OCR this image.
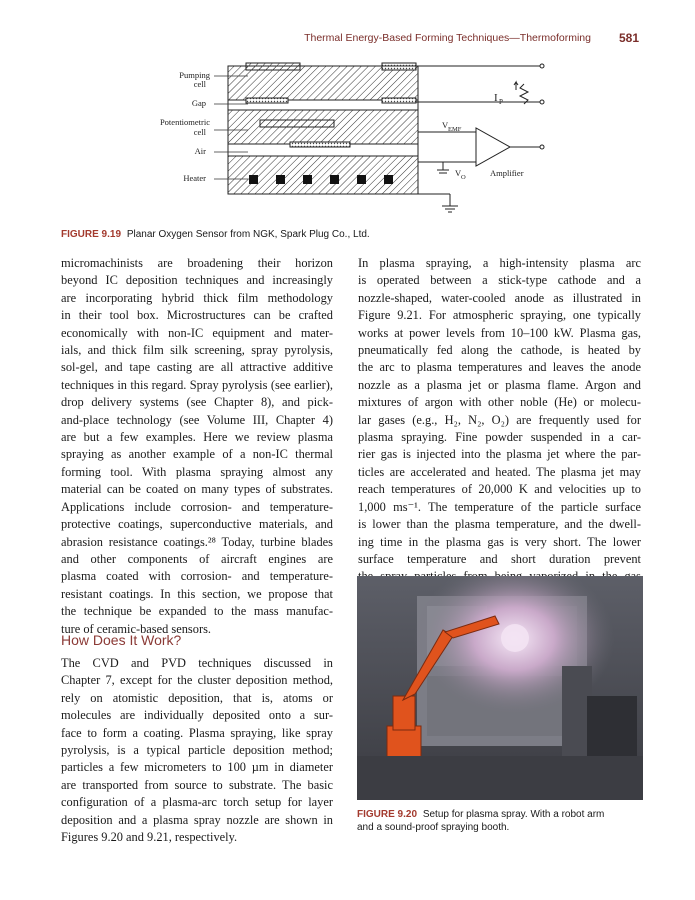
Thermal Energy-Based Forming Techniques—Thermoforming 581
Pumping
cell
Gap
Potentiometric
cell
Air
Heater
I P
V EMF
V O	Amplifier
FIGURE 9.19 Planar Oxygen Sensor from NGK, Spark Plug Co., Ltd.

micromachinists are broadening their horizon

beyond IC deposition techniques and increasingly

are incorporating hybrid thick film methodology

in their tool box. Microstructures can be crafted

economically with non-IC equipment and mater-

ials, and thick film silk screening, spray pyrolysis,

sol-gel, and tape casting are all attractive additive

techniques in this regard. Spray pyrolysis (see earlier),

drop delivery systems (see Chapter 8), and pick-

and-place technology (see Volume III, Chapter 4)

are but a few examples. Here we review plasma

spraying as another example of a non-IC thermal

forming tool. With plasma spraying almost any

material can be coated on many types of substrates.

Applications include corrosion- and temperature-

protective coatings, superconductive materials, and

abrasion resistance coatings.²⁸ Today, turbine blades

and other components of aircraft engines are

plasma coated with corrosion- and temperature-

resistant coatings. In this section, we propose that

the technique be expanded to the mass manufac-

ture of ceramic-based sensors.

How Does It Work?

The CVD and PVD techniques discussed in

Chapter 7, except for the cluster deposition method,

rely on atomistic deposition, that is, atoms or

molecules are individually deposited onto a sur-

face to form a coating. Plasma spraying, like spray

pyrolysis, is a typical particle deposition method;

particles a few micrometers to 100 µm in diameter

are transported from source to substrate. The basic

configuration of a plasma-arc torch setup for layer

deposition and a plasma spray nozzle are shown in

Figures 9.20 and 9.21, respectively.

In plasma spraying, a high-intensity plasma arc

is operated between a stick-type cathode and a

nozzle-shaped, water-cooled anode as illustrated in

Figure 9.21. For atmospheric spraying, one typically

works at power levels from 10–100 kW. Plasma gas,

pneumatically fed along the cathode, is heated by

the arc to plasma temperatures and leaves the anode

nozzle as a plasma jet or plasma flame. Argon and

mixtures of argon with other noble (He) or molecu-

lar gases (e.g., H₂, N₂, O₂) are frequently used for

plasma spraying. Fine powder suspended in a car-

rier gas is injected into the plasma jet where the par-

ticles are accelerated and heated. The plasma jet may

reach temperatures of 20,000 K and velocities up to

1,000 ms⁻¹. The temperature of the particle surface

is lower than the plasma temperature, and the dwell-

ing time in the plasma gas is very short. The lower

surface temperature and short duration prevent

FIGURE 9.20 Setup for plasma spray. With a robot arm
and a sound-proof spraying booth.
